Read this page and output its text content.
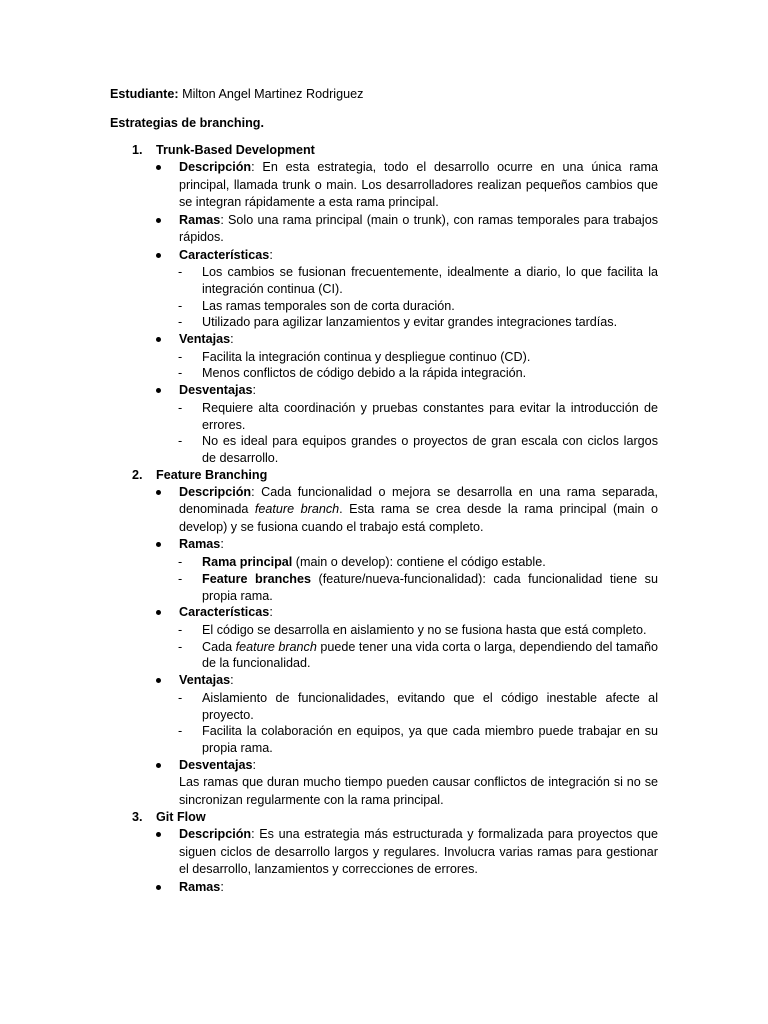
Estudiante: Milton Angel Martinez Rodriguez

Estrategias de branching.

1. Trunk-Based Development

Descripción: En esta estrategia, todo el desarrollo ocurre en una única rama principal, llamada trunk o main. Los desarrolladores realizan pequeños cambios que se integran rápidamente a esta rama principal.

Ramas: Solo una rama principal (main o trunk), con ramas temporales para trabajos rápidos.

Características:

- Los cambios se fusionan frecuentemente, idealmente a diario, lo que facilita la integración continua (CI).
- Las ramas temporales son de corta duración.
- Utilizado para agilizar lanzamientos y evitar grandes integraciones tardías.

Ventajas:

- Facilita la integración continua y despliegue continuo (CD).
- Menos conflictos de código debido a la rápida integración.

Desventajas:

- Requiere alta coordinación y pruebas constantes para evitar la introducción de errores.
- No es ideal para equipos grandes o proyectos de gran escala con ciclos largos de desarrollo.
2. Feature Branching

Descripción: Cada funcionalidad o mejora se desarrolla en una rama separada, denominada feature branch. Esta rama se crea desde la rama principal (main o develop) y se fusiona cuando el trabajo está completo.

Ramas:

- Rama principal (main o develop): contiene el código estable.
- Feature branches (feature/nueva-funcionalidad): cada funcionalidad tiene su propia rama.

Características:

- El código se desarrolla en aislamiento y no se fusiona hasta que está completo.
- Cada feature branch puede tener una vida corta o larga, dependiendo del tamaño de la funcionalidad.

Ventajas:

- Aislamiento de funcionalidades, evitando que el código inestable afecte al proyecto.
- Facilita la colaboración en equipos, ya que cada miembro puede trabajar en su propia rama.

Desventajas:

Las ramas que duran mucho tiempo pueden causar conflictos de integración si no se sincronizan regularmente con la rama principal.

3. Git Flow

Descripción: Es una estrategia más estructurada y formalizada para proyectos que siguen ciclos de desarrollo largos y regulares. Involucra varias ramas para gestionar el desarrollo, lanzamientos y correcciones de errores.

Ramas:
